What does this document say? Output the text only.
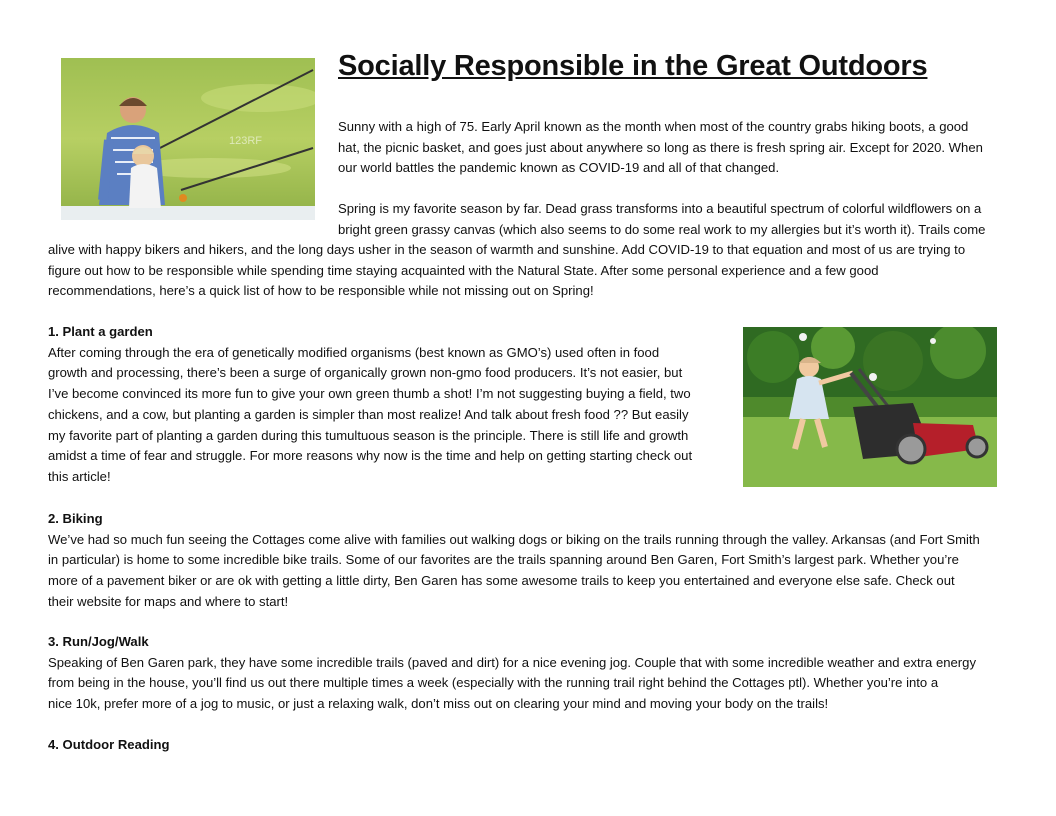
123RF
Socially Responsible in the Great Outdoors
Sunny with a high of 75. Early April known as the month when most of the country grabs hiking boots, a good
hat, the picnic basket, and goes just about anywhere so long as there is fresh spring air. Except for 2020. When
our world battles the pandemic known as COVID-19 and all of that changed.
Spring is my favorite season by far. Dead grass transforms into a beautiful spectrum of colorful wildflowers on a
bright green grassy canvas (which also seems to do some real work to my allergies but it’s worth it). Trails come
alive with happy bikers and hikers, and the long days usher in the season of warmth and sunshine. Add COVID-19 to that equation and most of us are trying to
figure out how to be responsible while spending time staying acquainted with the Natural State. After some personal experience and a few good
recommendations, here’s a quick list of how to be responsible while not missing out on Spring!
1. Plant a garden
After coming through the era of genetically modified organisms (best known as GMO’s) used often in food
growth and processing, there’s been a surge of organically grown non-gmo food producers. It’s not easier, but
I’ve become convinced its more fun to give your own green thumb a shot! I’m not suggesting buying a field, two
chickens, and a cow, but planting a garden is simpler than most realize! And talk about fresh food ?? But easily
my favorite part of planting a garden during this tumultuous season is the principle. There is still life and growth
amidst a time of fear and struggle. For more reasons why now is the time and help on getting starting check out
this article!
2. Biking
We’ve had so much fun seeing the Cottages come alive with families out walking dogs or biking on the trails running through the valley. Arkansas (and Fort Smith
in particular) is home to some incredible bike trails. Some of our favorites are the trails spanning around Ben Garen, Fort Smith’s largest park. Whether you’re
more of a pavement biker or are ok with getting a little dirty, Ben Garen has some awesome trails to keep you entertained and everyone else safe. Check out
their website for maps and where to start!
3. Run/Jog/Walk
Speaking of Ben Garen park, they have some incredible trails (paved and dirt) for a nice evening jog. Couple that with some incredible weather and extra energy
from being in the house, you’ll find us out there multiple times a week (especially with the running trail right behind the Cottages ptl). Whether you’re into a
nice 10k, prefer more of a jog to music, or just a relaxing walk, don’t miss out on clearing your mind and moving your body on the trails!
4. Outdoor Reading
